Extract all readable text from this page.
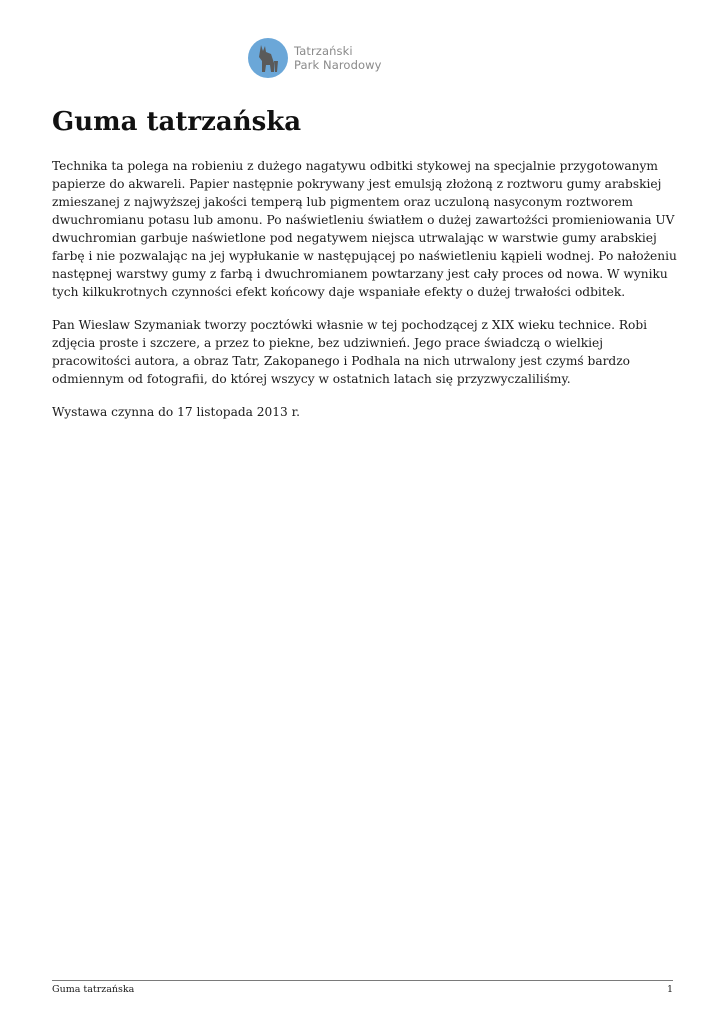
Tatrzański
Park Narodowy
Guma tatrzańska

Technika ta polega na robieniu z dużego nagatywu odbitki stykowej na specjalnie przygotowanym
papierze do akwareli. Papier następnie pokrywany jest emulsją złożoną z roztworu gumy arabskiej
zmieszanej z najwyższej jakości temperą lub pigmentem oraz uczuloną nasyconym roztworem
dwuchromianu potasu lub amonu. Po naświetleniu światłem o dużej zawartożści promieniowania UV
dwuchromian garbuje naświetlone pod negatywem niejsca utrwalając w warstwie gumy arabskiej
farbę i nie pozwalając na jej wypłukanie w następującej po naświetleniu kąpieli wodnej. Po nałożeniu
następnej warstwy gumy z farbą i dwuchromianem powtarzany jest cały proces od nowa. W wyniku
tych kilkukrotnych czynności efekt końcowy daje wspaniałe efekty o dużej trwałości odbitek.

Pan Wieslaw Szymaniak tworzy pocztówki własnie w tej pochodzącej z XIX wieku technice. Robi
zdjęcia proste i szczere, a przez to piekne, bez udziwnień. Jego prace świadczą o wielkiej
pracowitości autora, a obraz Tatr, Zakopanego i Podhala na nich utrwalony jest czymś bardzo
odmiennym od fotografii, do której wszycy w ostatnich latach się przyzwyczaliliśmy.

Wystawa czynna do 17 listopada 2013 r.

Guma tatrzańska	1
